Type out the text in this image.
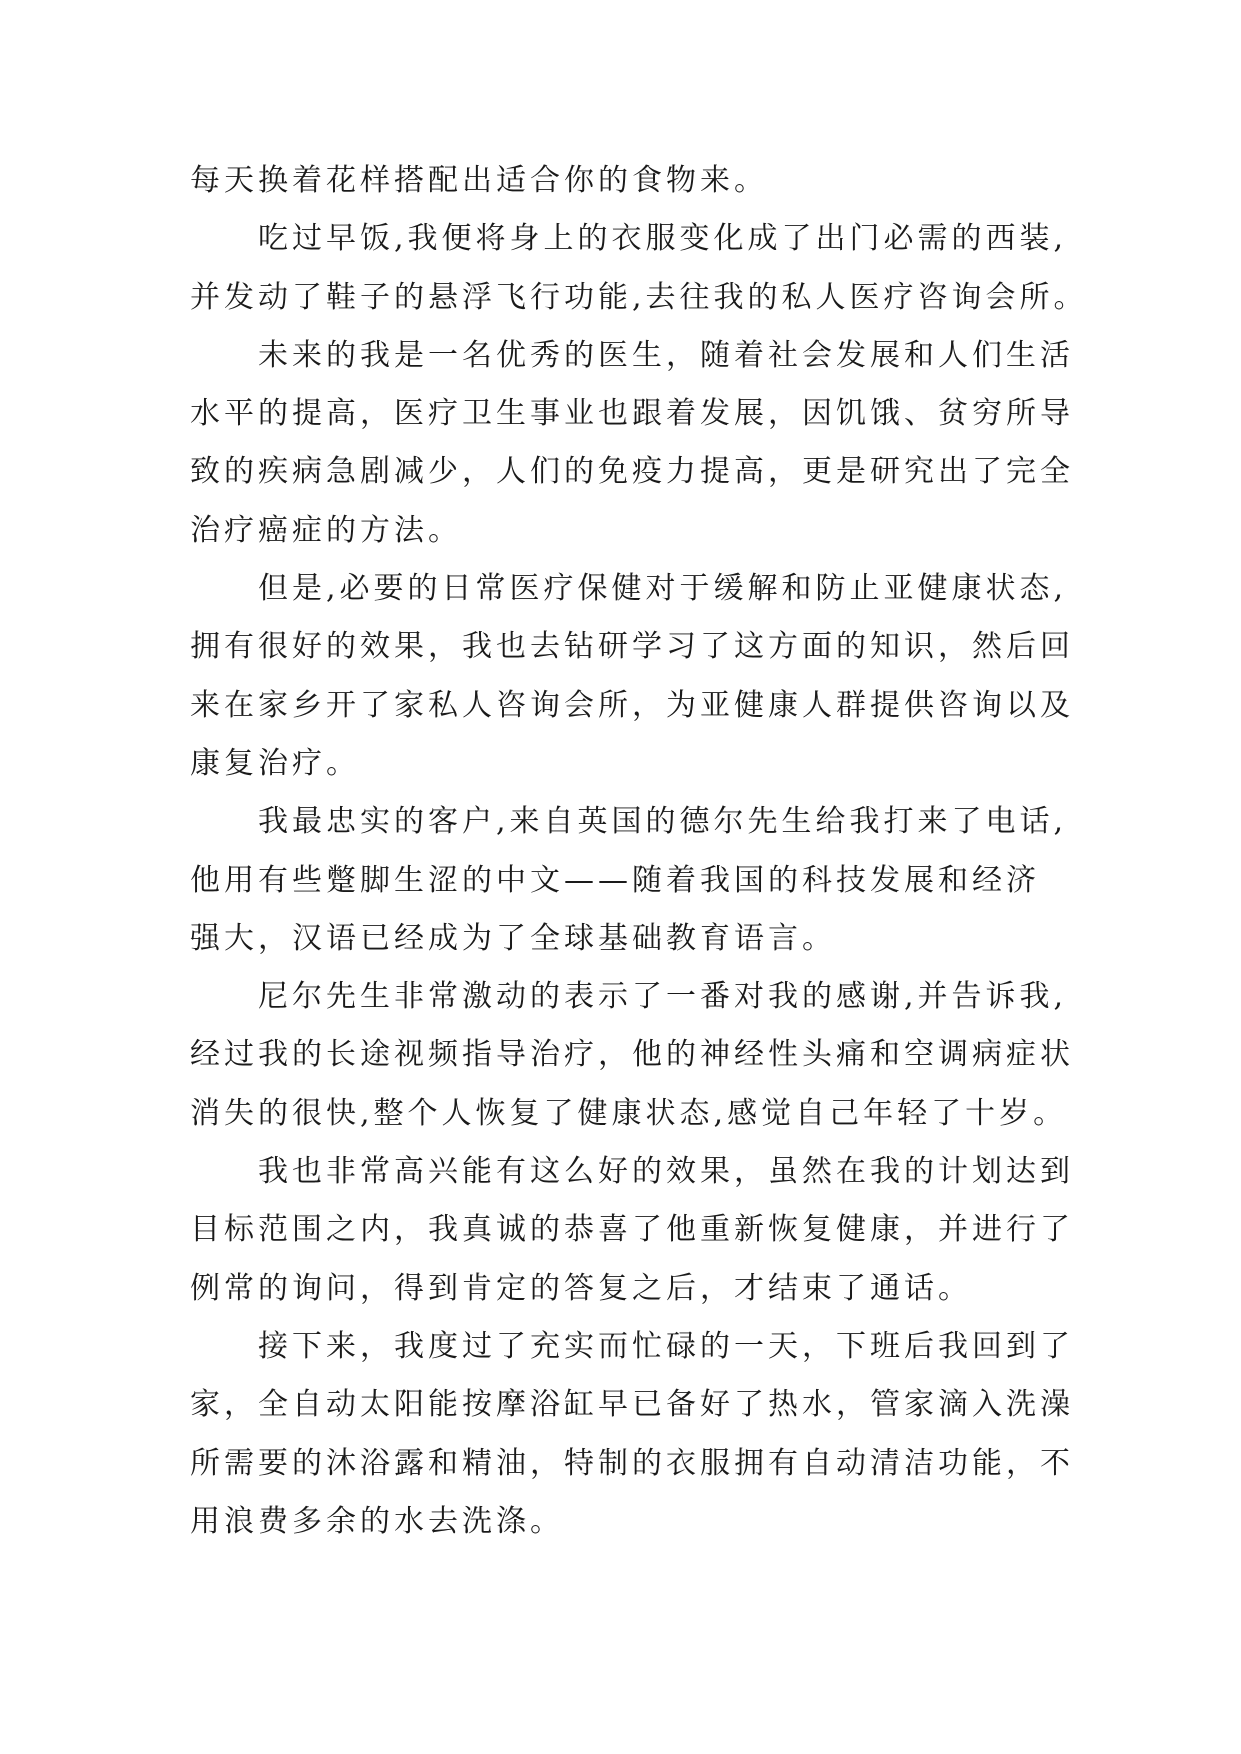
每天换着花样搭配出适合你的食物来。
吃过早饭,我便将身上的衣服变化成了出门必需的西装,
并发动了鞋子的悬浮飞行功能,去往我的私人医疗咨询会所。
未来的我是一名优秀的医生，随着社会发展和人们生活
水平的提高，医疗卫生事业也跟着发展，因饥饿、贫穷所导
致的疾病急剧减少，人们的免疫力提高，更是研究出了完全
治疗癌症的方法。
但是,必要的日常医疗保健对于缓解和防止亚健康状态,
拥有很好的效果，我也去钻研学习了这方面的知识，然后回
来在家乡开了家私人咨询会所，为亚健康人群提供咨询以及
康复治疗。
我最忠实的客户,来自英国的德尔先生给我打来了电话,
他用有些蹩脚生涩的中文——随着我国的科技发展和经济
强大，汉语已经成为了全球基础教育语言。
尼尔先生非常激动的表示了一番对我的感谢,并告诉我,
经过我的长途视频指导治疗，他的神经性头痛和空调病症状
消失的很快,整个人恢复了健康状态,感觉自己年轻了十岁。
我也非常高兴能有这么好的效果，虽然在我的计划达到
目标范围之内，我真诚的恭喜了他重新恢复健康，并进行了
例常的询问，得到肯定的答复之后，才结束了通话。
接下来，我度过了充实而忙碌的一天，下班后我回到了
家，全自动太阳能按摩浴缸早已备好了热水，管家滴入洗澡
所需要的沐浴露和精油，特制的衣服拥有自动清洁功能，不
用浪费多余的水去洗涤。
